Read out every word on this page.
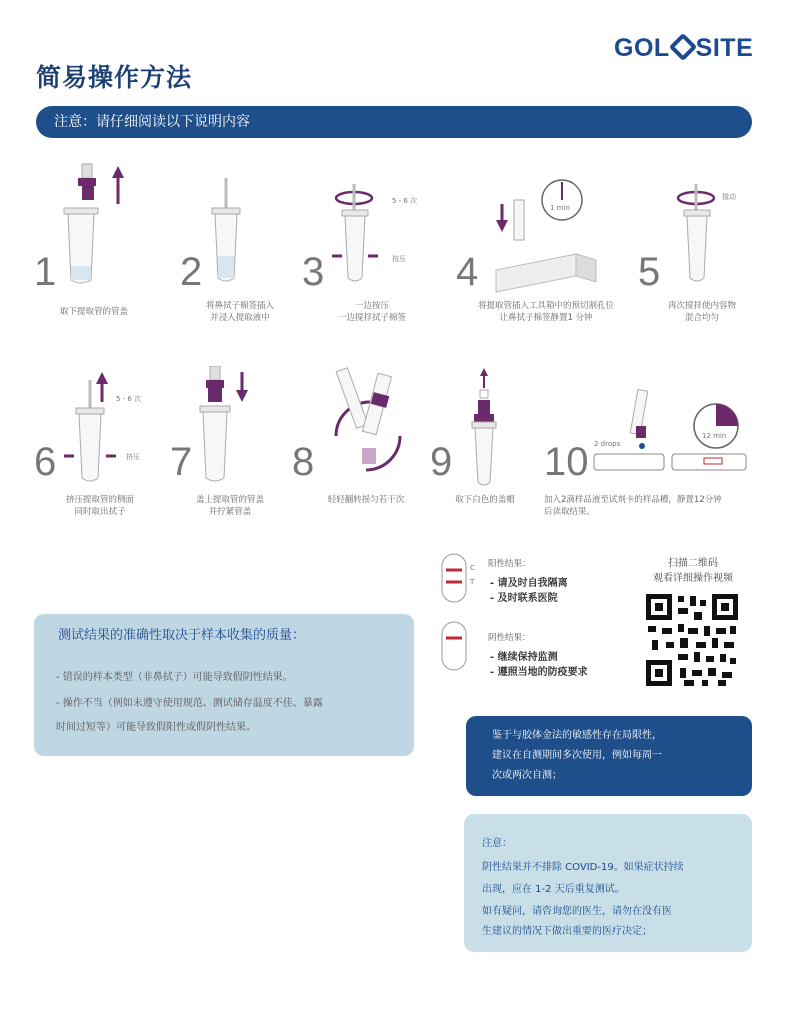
简易操作方法
GOL SITE
注意：请仔细阅读以下说明内容
1
取下提取管的管盖
2
将鼻拭子棉签插入
并浸入提取液中
5 - 6 次
按压
3
一边按压
一边搅拌拭子棉签
1 min
4
将提取管插入工具箱中的预切割孔位
让鼻拭子棉签静置1 分钟
搅动
5
再次搅拌使内容物
混合均匀
5 - 6 次
挤压
6
挤压提取管的侧面
同时取出拭子
7
盖上提取管的管盖
并拧紧管盖
8
轻轻翻转摇匀若干次
9
取下白色的盖帽
2 drops
12 min
10
加入2滴样品液至试剂卡的样品槽，静置12分钟
后读取结果。
C
T
阳性结果：
- 请及时自我隔离
- 及时联系医院
阴性结果：
- 继续保持监测
- 遵照当地的防疫要求
扫描二维码
观看详细操作视频
测试结果的准确性取决于样本收集的质量：
- 错误的样本类型（非鼻拭子）可能导致假阴性结果。
- 操作不当（例如未遵守使用规范、测试储存温度不佳、暴露
时间过短等）可能导致假阳性或假阴性结果。
鉴于与胶体金法的敏感性存在局限性，
建议在自测期间多次使用，例如每周一
次或两次自测；
注意：
阴性结果并不排除 COVID-19。如果症状持续
出现，应在 1-2 天后重复测试。
如有疑问，请咨询您的医生，请勿在没有医
生建议的情况下做出重要的医疗决定；
